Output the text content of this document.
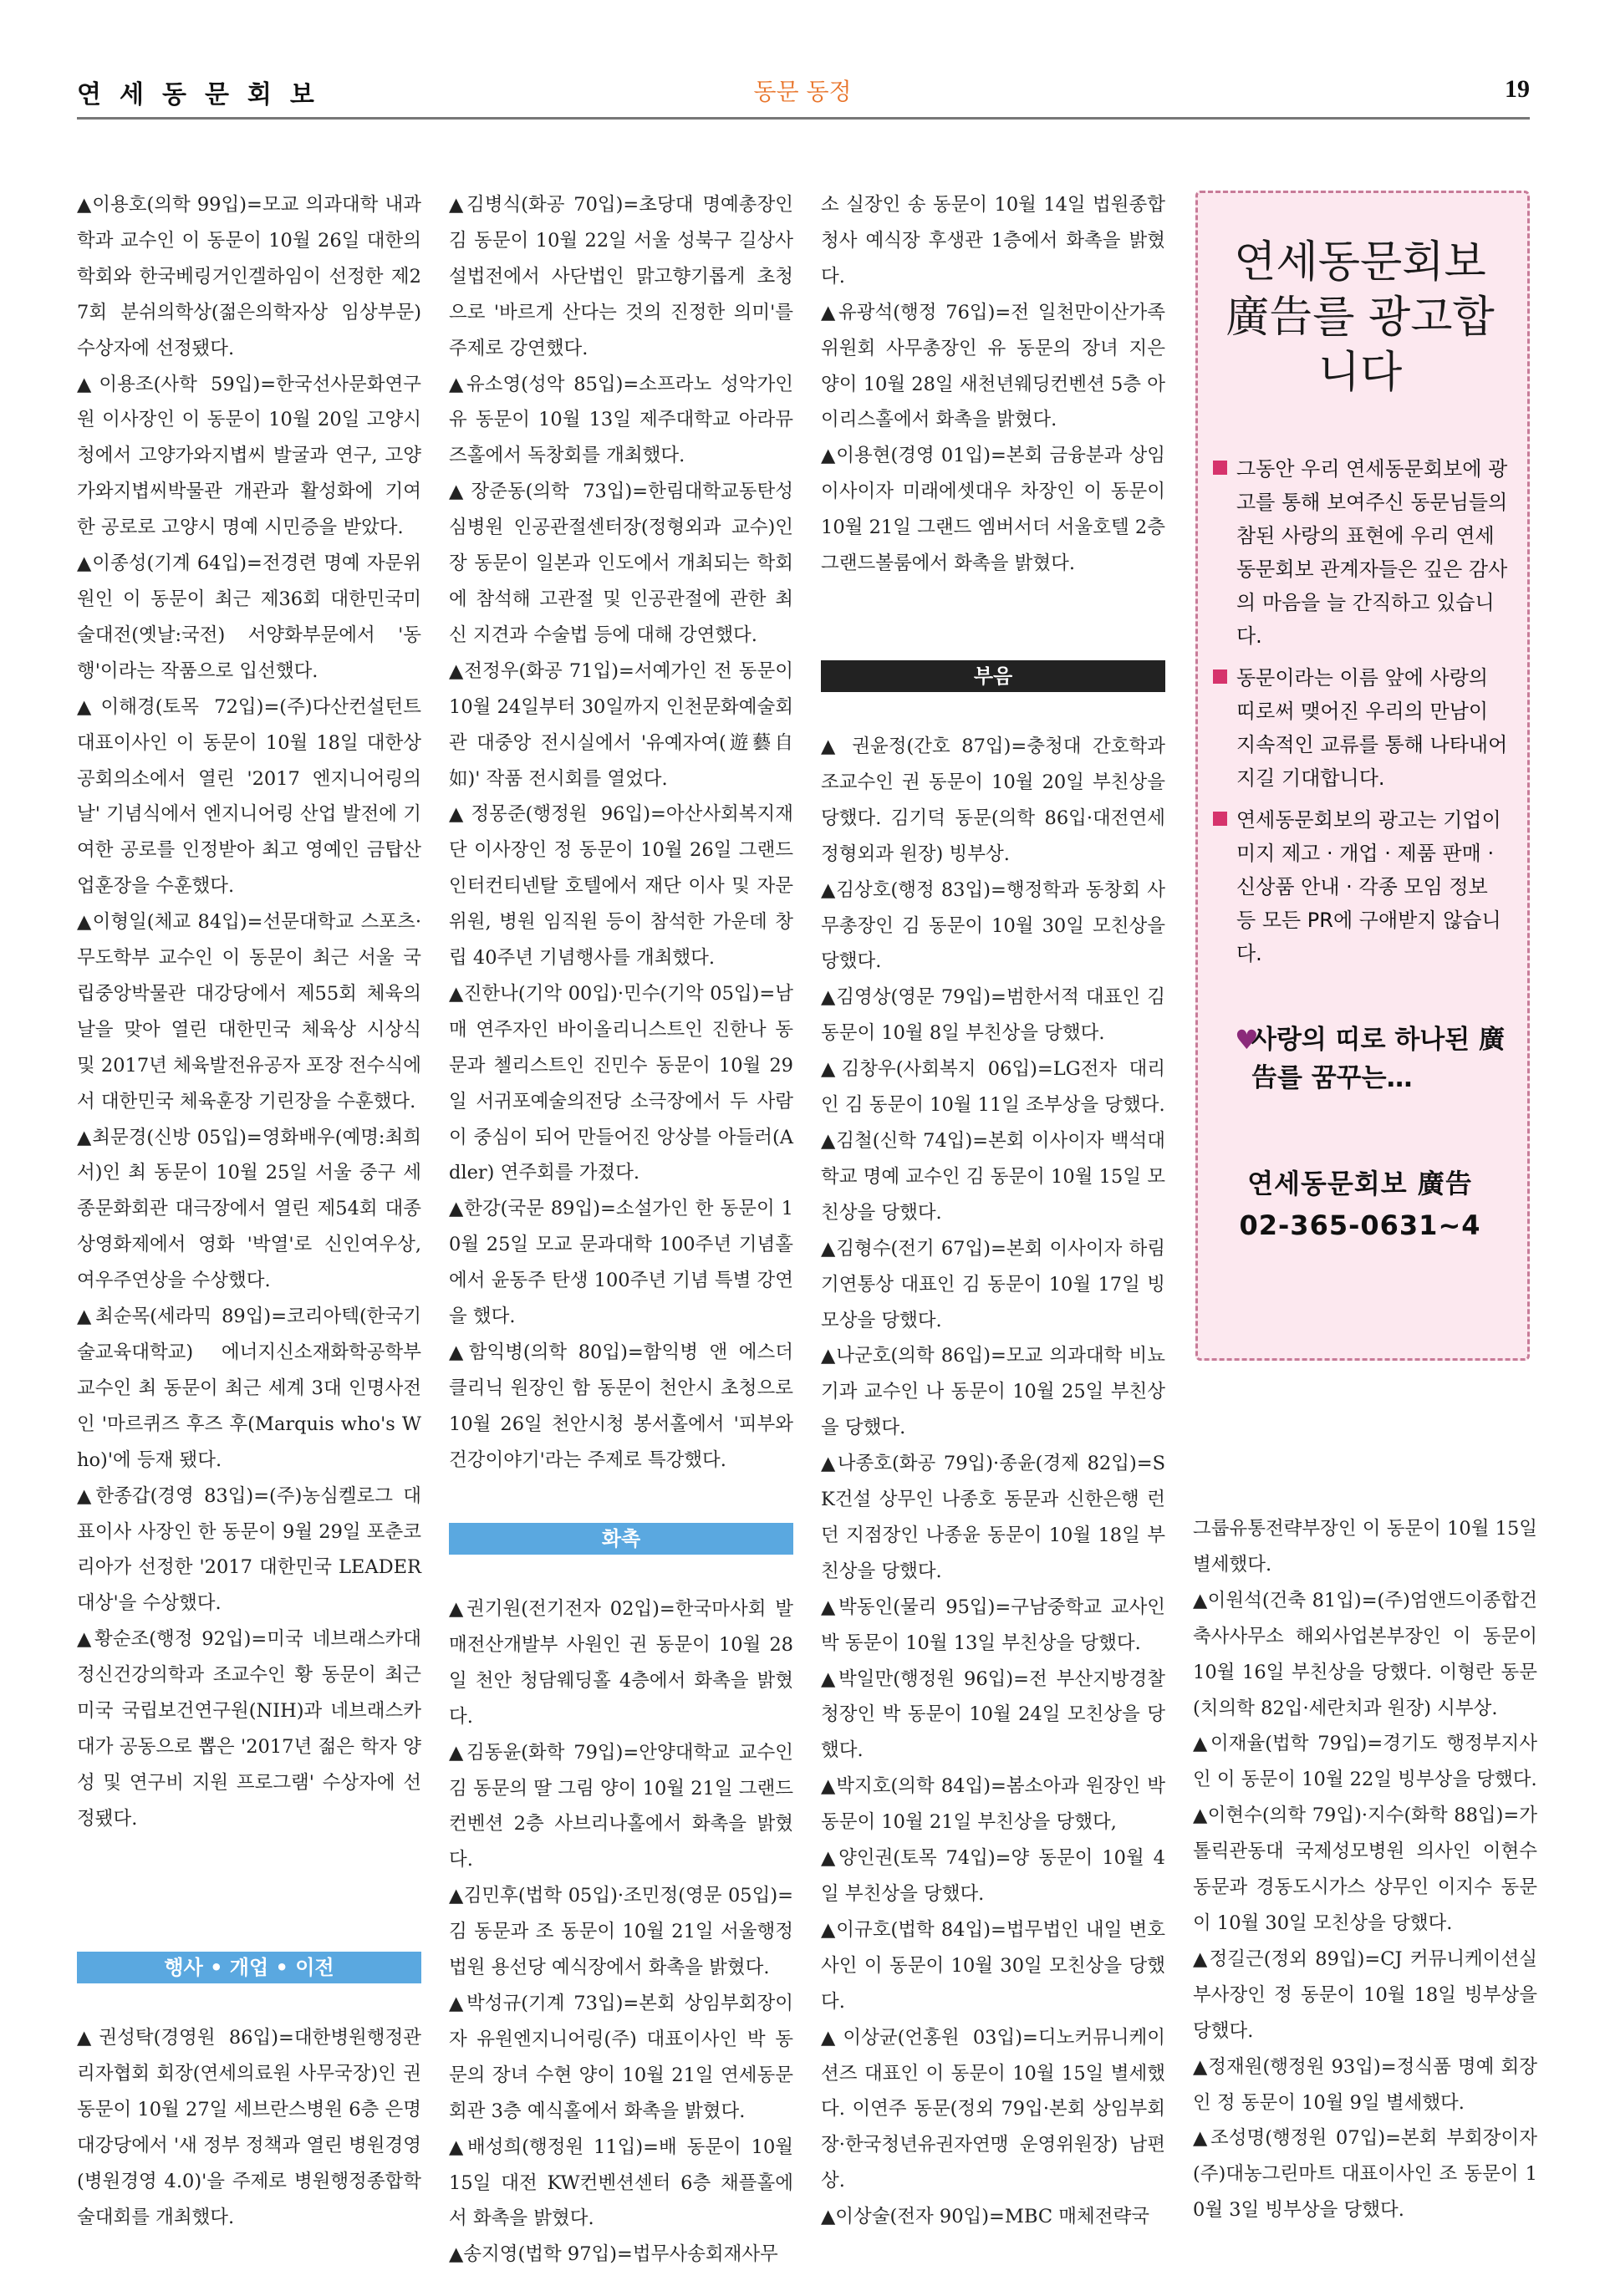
연세동문회보	동문 동정	19

▲이용호(의학 99입)=모교 의과대학 내과학과 교수인 이 동문이 10월 26일 대한의학회와 한국베링거인겔하임이 선정한 제27회 분쉬의학상(젊은의학자상 임상부문) 수상자에 선정됐다.

▲이용조(사학 59입)=한국선사문화연구원 이사장인 이 동문이 10월 20일 고양시청에서 고양가와지볍씨 발굴과 연구, 고양가와지볍씨박물관 개관과 활성화에 기여한 공로로 고양시 명예 시민증을 받았다.

▲이종성(기계 64입)=전경련 명예 자문위원인 이 동문이 최근 제36회 대한민국미술대전(옛날:국전) 서양화부문에서 '동행'이라는 작품으로 입선했다.

▲이해경(토목 72입)=(주)다산컨설턴트 대표이사인 이 동문이 10월 18일 대한상공회의소에서 열린 '2017 엔지니어링의 날' 기념식에서 엔지니어링 산업 발전에 기여한 공로를 인정받아 최고 영예인 금탑산업훈장을 수훈했다.

▲이형일(체교 84입)=선문대학교 스포츠·무도학부 교수인 이 동문이 최근 서울 국립중앙박물관 대강당에서 제55회 체육의 날을 맞아 열린 대한민국 체육상 시상식 및 2017년 체육발전유공자 포장 전수식에서 대한민국 체육훈장 기린장을 수훈했다.

▲최문경(신방 05입)=영화배우(예명:최희서)인 최 동문이 10월 25일 서울 중구 세종문화회관 대극장에서 열린 제54회 대종상영화제에서 영화 '박열'로 신인여우상, 여우주연상을 수상했다.

▲최순목(세라믹 89입)=코리아텍(한국기술교육대학교) 에너지신소재화학공학부 교수인 최 동문이 최근 세계 3대 인명사전인 '마르퀴즈 후즈 후(Marquis who's Who)'에 등재 됐다.

▲한종갑(경영 83입)=(주)농심켈로그 대표이사 사장인 한 동문이 9월 29일 포춘코리아가 선정한 '2017 대한민국 LEADER 대상'을 수상했다.

▲황순조(행정 92입)=미국 네브래스카대 정신건강의학과 조교수인 황 동문이 최근 미국 국립보건연구원(NIH)과 네브래스카대가 공동으로 뽑은 '2017년 젊은 학자 양성 및 연구비 지원 프로그램' 수상자에 선정됐다.

행사 • 개업 • 이전

▲권성탁(경영원 86입)=대한병원행정관리자협회 회장(연세의료원 사무국장)인 권 동문이 10월 27일 세브란스병원 6층 은명대강당에서 '새 정부 정책과 열린 병원경영(병원경영 4.0)'을 주제로 병원행정종합학술대회를 개최했다.

▲김병식(화공 70입)=초당대 명예총장인 김 동문이 10월 22일 서울 성북구 길상사 설법전에서 사단법인 맑고향기롭게 초청으로 '바르게 산다는 것의 진정한 의미'를 주제로 강연했다.

▲유소영(성악 85입)=소프라노 성악가인 유 동문이 10월 13일 제주대학교 아라뮤즈홀에서 독창회를 개최했다.

▲장준동(의학 73입)=한림대학교동탄성심병원 인공관절센터장(정형외과 교수)인 장 동문이 일본과 인도에서 개최되는 학회에 참석해 고관절 및 인공관절에 관한 최신 지견과 수술법 등에 대해 강연했다.

▲전정우(화공 71입)=서예가인 전 동문이 10월 24일부터 30일까지 인천문화예술회관 대중앙 전시실에서 '유예자여(遊藝自如)' 작품 전시회를 열었다.

▲정몽준(행정원 96입)=아산사회복지재단 이사장인 정 동문이 10월 26일 그랜드 인터컨티넨탈 호텔에서 재단 이사 및 자문위원, 병원 임직원 등이 참석한 가운데 창립 40주년 기념행사를 개최했다.

▲진한나(기악 00입)·민수(기악 05입)=남매 연주자인 바이올리니스트인 진한나 동문과 첼리스트인 진민수 동문이 10월 29일 서귀포예술의전당 소극장에서 두 사람이 중심이 되어 만들어진 앙상블 아들러(Adler) 연주회를 가졌다.

▲한강(국문 89입)=소설가인 한 동문이 10월 25일 모교 문과대학 100주년 기념홀에서 윤동주 탄생 100주년 기념 특별 강연을 했다.

▲함익병(의학 80입)=함익병 앤 에스더 클리닉 원장인 함 동문이 천안시 초청으로 10월 26일 천안시청 봉서홀에서 '피부와 건강이야기'라는 주제로 특강했다.

화촉

▲권기원(전기전자 02입)=한국마사회 발매전산개발부 사원인 권 동문이 10월 28일 천안 청담웨딩홀 4층에서 화촉을 밝혔다.

▲김동윤(화학 79입)=안양대학교 교수인 김 동문의 딸 그림 양이 10월 21일 그랜드 컨벤션 2층 사브리나홀에서 화촉을 밝혔다.

▲김민후(법학 05입)·조민정(영문 05입)=김 동문과 조 동문이 10월 21일 서울행정법원 용선당 예식장에서 화촉을 밝혔다.

▲박성규(기계 73입)=본회 상임부회장이자 유원엔지니어링(주) 대표이사인 박 동문의 장녀 수현 양이 10월 21일 연세동문회관 3층 예식홀에서 화촉을 밝혔다.

▲배성희(행정원 11입)=배 동문이 10월 15일 대전 KW컨벤션센터 6층 채플홀에서 화촉을 밝혔다.

▲송지영(법학 97입)=법무사송회재사무

소 실장인 송 동문이 10월 14일 법원종합청사 예식장 후생관 1층에서 화촉을 밝혔다.

▲유광석(행정 76입)=전 일천만이산가족위원회 사무총장인 유 동문의 장녀 지은 양이 10월 28일 새천년웨딩컨벤션 5층 아이리스홀에서 화촉을 밝혔다.

▲이용현(경영 01입)=본회 금융분과 상임이사이자 미래에셋대우 차장인 이 동문이 10월 21일 그랜드 엠버서더 서울호텔 2층 그랜드볼룸에서 화촉을 밝혔다.

부음

▲ 권윤정(간호 87입)=충청대 간호학과 조교수인 권 동문이 10월 20일 부친상을 당했다. 김기덕 동문(의학 86입·대전연세정형외과 원장) 빙부상.

▲김상호(행정 83입)=행정학과 동창회 사무총장인 김 동문이 10월 30일 모친상을 당했다.

▲김영상(영문 79입)=범한서적 대표인 김 동문이 10월 8일 부친상을 당했다.

▲김창우(사회복지 06입)=LG전자 대리인 김 동문이 10월 11일 조부상을 당했다.

▲김철(신학 74입)=본회 이사이자 백석대학교 명예 교수인 김 동문이 10월 15일 모친상을 당했다.

▲김형수(전기 67입)=본회 이사이자 하림기연통상 대표인 김 동문이 10월 17일 빙모상을 당했다.

▲나군호(의학 86입)=모교 의과대학 비뇨기과 교수인 나 동문이 10월 25일 부친상을 당했다.

▲나종호(화공 79입)·종윤(경제 82입)=SK건설 상무인 나종호 동문과 신한은행 런던 지점장인 나종윤 동문이 10월 18일 부친상을 당했다.

▲박동인(물리 95입)=구남중학교 교사인 박 동문이 10월 13일 부친상을 당했다.

▲박일만(행정원 96입)=전 부산지방경찰청장인 박 동문이 10월 24일 모친상을 당했다.

▲박지호(의학 84입)=봄소아과 원장인 박 동문이 10월 21일 부친상을 당했다,

▲양인권(토목 74입)=양 동문이 10월 4일 부친상을 당했다.

▲이규호(법학 84입)=법무법인 내일 변호사인 이 동문이 10월 30일 모친상을 당했다.

▲이상균(언홍원 03입)=디노커뮤니케이션즈 대표인 이 동문이 10월 15일 별세했다. 이연주 동문(정외 79입·본회 상임부회장·한국청년유권자연맹 운영위원장) 남편상.

▲이상술(전자 90입)=MBC 매체전략국

그룹유통전략부장인 이 동문이 10월 15일 별세했다.

▲이원석(건축 81입)=(주)엄앤드이종합건축사사무소 해외사업본부장인 이 동문이 10월 16일 부친상을 당했다. 이형란 동문(치의학 82입·세란치과 원장) 시부상.

▲이재율(법학 79입)=경기도 행정부지사인 이 동문이 10월 22일 빙부상을 당했다.

▲이현수(의학 79입)·지수(화학 88입)=가톨릭관동대 국제성모병원 의사인 이현수 동문과 경동도시가스 상무인 이지수 동문이 10월 30일 모친상을 당했다.

▲정길근(정외 89입)=CJ 커뮤니케이션실 부사장인 정 동문이 10월 18일 빙부상을 당했다.

▲정재원(행정원 93입)=정식품 명예 회장인 정 동문이 10월 9일 별세했다.

▲조성명(행정원 07입)=본회 부회장이자 (주)대농그린마트 대표이사인 조 동문이 10월 3일 빙부상을 당했다.

연세동문회보 廣告를 광고합니다
그동안 우리 연세동문회보에 광고를 통해 보여주신 동문님들의 참된 사랑의 표현에 우리 연세동문회보 관계자들은 깊은 감사의 마음을 늘 간직하고 있습니다.
동문이라는 이름 앞에 사랑의 띠로써 맺어진 우리의 만남이 지속적인 교류를 통해 나타내어지길 기대합니다.
연세동문회보의 광고는 기업이미지 제고 · 개업 · 제품 판매 · 신상품 안내 · 각종 모임 정보 등 모든 PR에 구애받지 않습니다.
♥
사랑의 띠로 하나된 廣告를 꿈꾸는…
연세동문회보 廣告
02-365-0631~4
